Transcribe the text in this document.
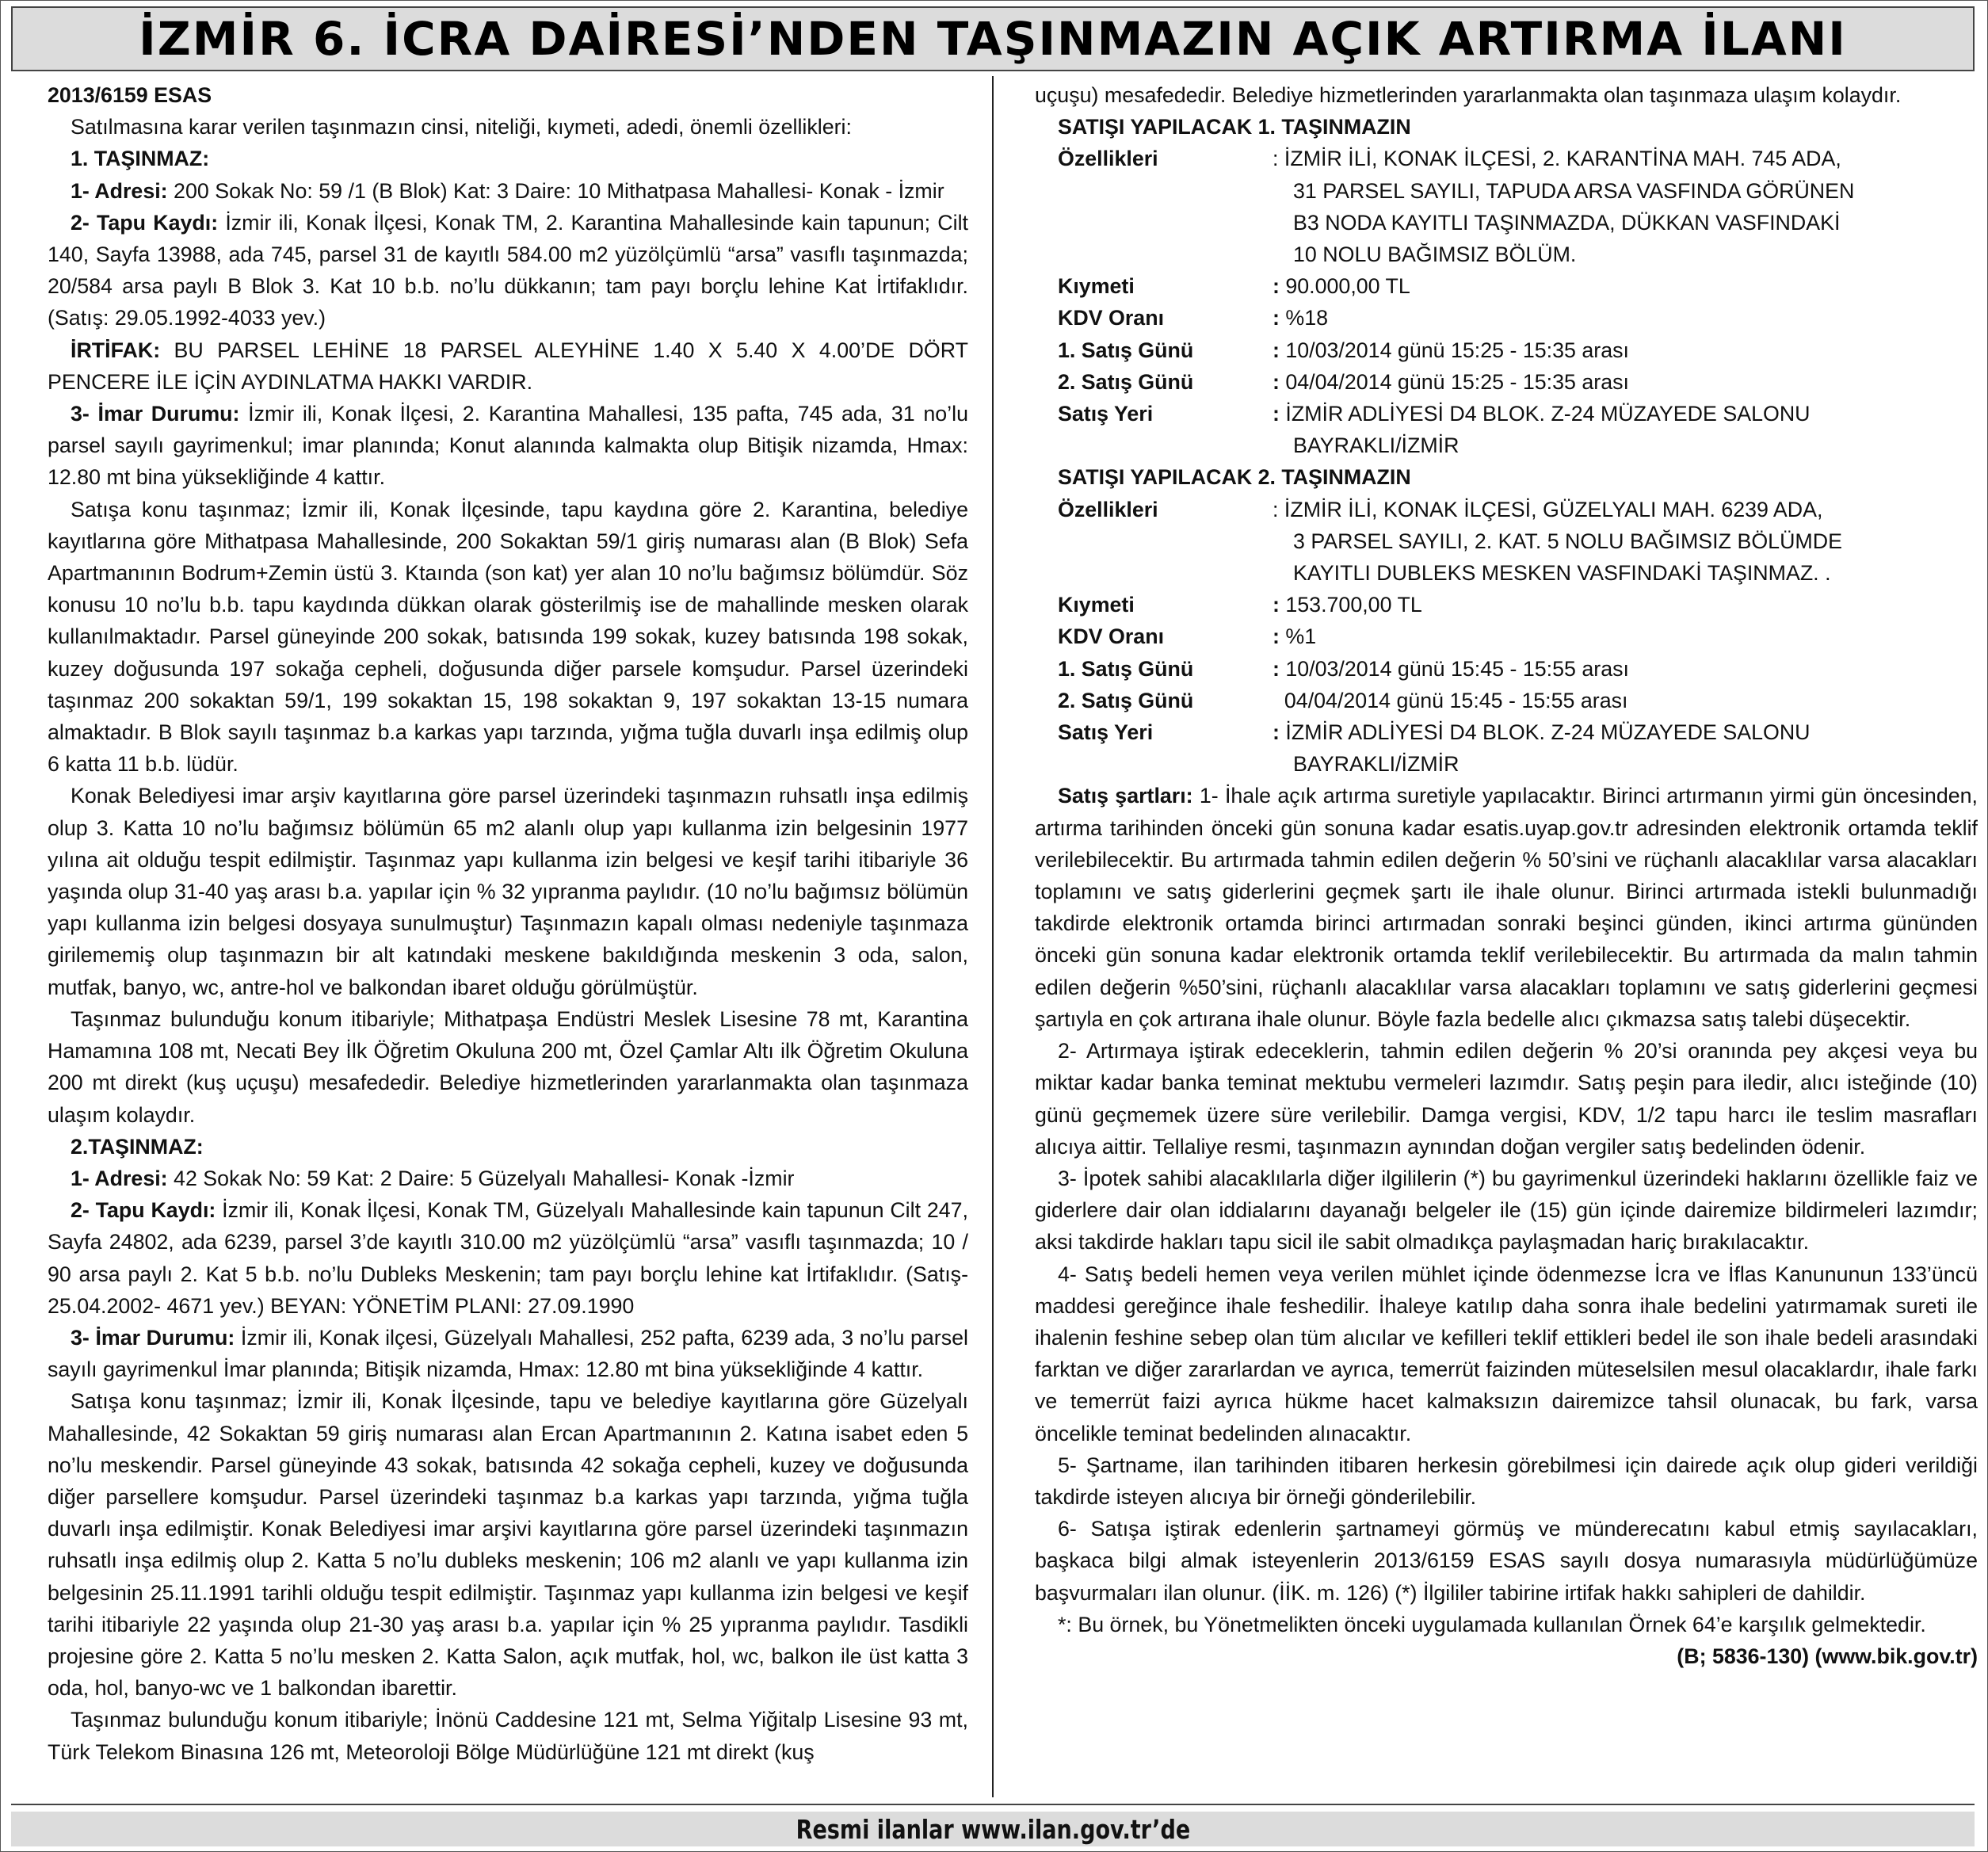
İZMİR 6. İCRA DAİRESİ’NDEN TAŞINMAZIN AÇIK ARTIRMA İLANI

2013/6159 ESAS

Satılmasına karar verilen taşınmazın cinsi, niteliği, kıymeti, adedi, önemli özellikleri:

1. TAŞINMAZ:

1- Adresi: 200 Sokak No: 59 /1 (B Blok) Kat: 3 Daire: 10 Mithatpasa Mahallesi- Konak - İzmir

2- Tapu Kaydı: İzmir ili, Konak İlçesi, Konak TM, 2. Karantina Mahallesinde kain tapunun; Cilt 140, Sayfa 13988, ada 745, parsel 31 de kayıtlı 584.00 m2 yüzölçümlü “arsa” vasıflı taşınmazda; 20/584 arsa paylı B Blok 3. Kat 10 b.b. no’lu dükkanın; tam payı borçlu lehine Kat İrtifaklıdır. (Satış: 29.05.1992-4033 yev.)

İRTİFAK: BU PARSEL LEHİNE 18 PARSEL ALEYHİNE 1.40 X 5.40 X 4.00’DE DÖRT PENCERE İLE İÇİN AYDINLATMA HAKKI VARDIR.

3- İmar Durumu: İzmir ili, Konak İlçesi, 2. Karantina Mahallesi, 135 pafta, 745 ada, 31 no’lu parsel sayılı gayrimenkul; imar planında; Konut alanında kalmakta olup Bitişik nizamda, Hmax: 12.80 mt bina yüksekliğinde 4 kattır.

Satışa konu taşınmaz; İzmir ili, Konak İlçesinde, tapu kaydına göre 2. Karantina, belediye kayıtlarına göre Mithatpasa Mahallesinde, 200 Sokaktan 59/1 giriş numarası alan (B Blok) Sefa Apartmanının Bodrum+Zemin üstü 3. Ktaında (son kat) yer alan 10 no’lu bağımsız bölümdür. Söz konusu 10 no’lu b.b. tapu kaydında dükkan olarak gösterilmiş ise de mahallinde mesken olarak kullanılmaktadır. Parsel güneyinde 200 sokak, batısında 199 sokak, kuzey batısında 198 sokak, kuzey doğusunda 197 sokağa cepheli, doğusunda diğer parsele komşudur. Parsel üzerindeki taşınmaz 200 sokaktan 59/1, 199 sokaktan 15, 198 sokaktan 9, 197 sokaktan 13-15 numara almaktadır. B Blok sayılı taşınmaz b.a karkas yapı tarzında, yığma tuğla duvarlı inşa edilmiş olup 6 katta 11 b.b. lüdür.

Konak Belediyesi imar arşiv kayıtlarına göre parsel üzerindeki taşınmazın ruhsatlı inşa edilmiş olup 3. Katta 10 no’lu bağımsız bölümün 65 m2 alanlı olup yapı kullanma izin belgesinin 1977 yılına ait olduğu tespit edilmiştir. Taşınmaz yapı kullanma izin belgesi ve keşif tarihi itibariyle 36 yaşında olup 31-40 yaş arası b.a. yapılar için % 32 yıpranma paylıdır. (10 no’lu bağımsız bölümün yapı kullanma izin belgesi dosyaya sunulmuştur) Taşınmazın kapalı olması nedeniyle taşınmaza girilememiş olup taşınmazın bir alt katındaki meskene bakıldığında meskenin 3 oda, salon, mutfak, banyo, wc, antre-hol ve balkondan ibaret olduğu görülmüştür.

Taşınmaz bulunduğu konum itibariyle; Mithatpaşa Endüstri Meslek Lisesine 78 mt, Karantina Hamamına 108 mt, Necati Bey İlk Öğretim Okuluna 200 mt, Özel Çamlar Altı ilk Öğretim Okuluna 200 mt direkt (kuş uçuşu) mesafededir. Belediye hizmetlerinden yararlanmakta olan taşınmaza ulaşım kolaydır.

2.TAŞINMAZ:

1- Adresi: 42 Sokak No: 59 Kat: 2 Daire: 5 Güzelyalı Mahallesi- Konak -İzmir

2- Tapu Kaydı: İzmir ili, Konak İlçesi, Konak TM, Güzelyalı Mahallesinde kain tapunun Cilt 247, Sayfa 24802, ada 6239, parsel 3’de kayıtlı 310.00 m2 yüzölçümlü “arsa” vasıflı taşınmazda; 10 / 90 arsa paylı 2. Kat 5 b.b. no’lu Dubleks Meskenin; tam payı borçlu lehine kat İrtifaklıdır. (Satış- 25.04.2002- 4671 yev.) BEYAN: YÖNETİM PLANI: 27.09.1990

3- İmar Durumu: İzmir ili, Konak ilçesi, Güzelyalı Mahallesi, 252 pafta, 6239 ada, 3 no’lu parsel sayılı gayrimenkul İmar planında; Bitişik nizamda, Hmax: 12.80 mt bina yüksekliğinde 4 kattır.

Satışa konu taşınmaz; İzmir ili, Konak İlçesinde, tapu ve belediye kayıtlarına göre Güzelyalı Mahallesinde, 42 Sokaktan 59 giriş numarası alan Ercan Apartmanının 2. Katına isabet eden 5 no’lu meskendir. Parsel güneyinde 43 sokak, batısında 42 sokağa cepheli, kuzey ve doğusunda diğer parsellere komşudur. Parsel üzerindeki taşınmaz b.a karkas yapı tarzında, yığma tuğla duvarlı inşa edilmiştir. Konak Belediyesi imar arşivi kayıtlarına göre parsel üzerindeki taşınmazın ruhsatlı inşa edilmiş olup 2. Katta 5 no’lu dubleks meskenin; 106 m2 alanlı ve yapı kullanma izin belgesinin 25.11.1991 tarihli olduğu tespit edilmiştir. Taşınmaz yapı kullanma izin belgesi ve keşif tarihi itibariyle 22 yaşında olup 21-30 yaş arası b.a. yapılar için % 25 yıpranma paylıdır. Tasdikli projesine göre 2. Katta 5 no’lu mesken 2. Katta Salon, açık mutfak, hol, wc, balkon ile üst katta 3 oda, hol, banyo-wc ve 1 balkondan ibarettir.

Taşınmaz bulunduğu konum itibariyle; İnönü Caddesine 121 mt, Selma Yiğitalp Lisesine 93 mt, Türk Telekom Binasına 126 mt, Meteoroloji Bölge Müdürlüğüne 121 mt direkt (kuş

uçuşu) mesafededir. Belediye hizmetlerinden yararlanmakta olan taşınmaza ulaşım kolaydır.

SATIŞI YAPILACAK 1. TAŞINMAZIN

Özellikleri	: İZMİR İLİ, KONAK İLÇESİ, 2. KARANTİNA MAH. 745 ADA,
31 PARSEL SAYILI, TAPUDA ARSA VASFINDA GÖRÜNEN
B3 NODA KAYITLI TAŞINMAZDA, DÜKKAN VASFINDAKİ
10 NOLU BAĞIMSIZ BÖLÜM.
Kıymeti	: 90.000,00 TL
KDV Oranı	: %18
1. Satış Günü	: 10/03/2014 günü 15:25 - 15:35 arası
2. Satış Günü	: 04/04/2014 günü 15:25 - 15:35 arası
Satış Yeri	: İZMİR ADLİYESİ D4 BLOK. Z-24 MÜZAYEDE SALONU
BAYRAKLI/İZMİR

SATIŞI YAPILACAK 2. TAŞINMAZIN

Özellikleri	: İZMİR İLİ, KONAK İLÇESİ, GÜZELYALI MAH. 6239 ADA,
3 PARSEL SAYILI, 2. KAT. 5 NOLU BAĞIMSIZ BÖLÜMDE
KAYITLI DUBLEKS MESKEN VASFINDAKİ TAŞINMAZ. .
Kıymeti	: 153.700,00 TL
KDV Oranı	: %1
1. Satış Günü	: 10/03/2014 günü 15:45 - 15:55 arası
2. Satış Günü	04/04/2014 günü 15:45 - 15:55 arası
Satış Yeri	: İZMİR ADLİYESİ D4 BLOK. Z-24 MÜZAYEDE SALONU
BAYRAKLI/İZMİR

Satış şartları: 1- İhale açık artırma suretiyle yapılacaktır. Birinci artırmanın yirmi gün öncesinden, artırma tarihinden önceki gün sonuna kadar esatis.uyap.gov.tr adresinden elektronik ortamda teklif verilebilecektir. Bu artırmada tahmin edilen değerin % 50’sini ve rüçhanlı alacaklılar varsa alacakları toplamını ve satış giderlerini geçmek şartı ile ihale olunur. Birinci artırmada istekli bulunmadığı takdirde elektronik ortamda birinci artırmadan sonraki beşinci günden, ikinci artırma gününden önceki gün sonuna kadar elektronik ortamda teklif verilebilecektir. Bu artırmada da malın tahmin edilen değerin %50’sini, rüçhanlı alacaklılar varsa alacakları toplamını ve satış giderlerini geçmesi şartıyla en çok artırana ihale olunur. Böyle fazla bedelle alıcı çıkmazsa satış talebi düşecektir.

2- Artırmaya iştirak edeceklerin, tahmin edilen değerin % 20’si oranında pey akçesi veya bu miktar kadar banka teminat mektubu vermeleri lazımdır. Satış peşin para iledir, alıcı isteğinde (10) günü geçmemek üzere süre verilebilir. Damga vergisi, KDV, 1/2 tapu harcı ile teslim masrafları alıcıya aittir. Tellaliye resmi, taşınmazın aynından doğan vergiler satış bedelinden ödenir.

3- İpotek sahibi alacaklılarla diğer ilgililerin (*) bu gayrimenkul üzerindeki haklarını özellikle faiz ve giderlere dair olan iddialarını dayanağı belgeler ile (15) gün içinde dairemize bildirmeleri lazımdır; aksi takdirde hakları tapu sicil ile sabit olmadıkça paylaşmadan hariç bırakılacaktır.

4- Satış bedeli hemen veya verilen mühlet içinde ödenmezse İcra ve İflas Kanununun 133’üncü maddesi gereğince ihale feshedilir. İhaleye katılıp daha sonra ihale bedelini yatırmamak sureti ile ihalenin feshine sebep olan tüm alıcılar ve kefilleri teklif ettikleri bedel ile son ihale bedeli arasındaki farktan ve diğer zararlardan ve ayrıca, temerrüt faizinden müteselsilen mesul olacaklardır, ihale farkı ve temerrüt faizi ayrıca hükme hacet kalmaksızın dairemizce tahsil olunacak, bu fark, varsa öncelikle teminat bedelinden alınacaktır.

5- Şartname, ilan tarihinden itibaren herkesin görebilmesi için dairede açık olup gideri verildiği takdirde isteyen alıcıya bir örneği gönderilebilir.

6- Satışa iştirak edenlerin şartnameyi görmüş ve münderecatını kabul etmiş sayılacakları, başkaca bilgi almak isteyenlerin 2013/6159 ESAS sayılı dosya numarasıyla müdürlüğümüze başvurmaları ilan olunur. (İİK. m. 126) (*) İlgililer tabirine irtifak hakkı sahipleri de dahildir.

*: Bu örnek, bu Yönetmelikten önceki uygulamada kullanılan Örnek 64’e karşılık gelmektedir.

(B; 5836-130) (www.bik.gov.tr)

Resmi ilanlar www.ilan.gov.tr’de
